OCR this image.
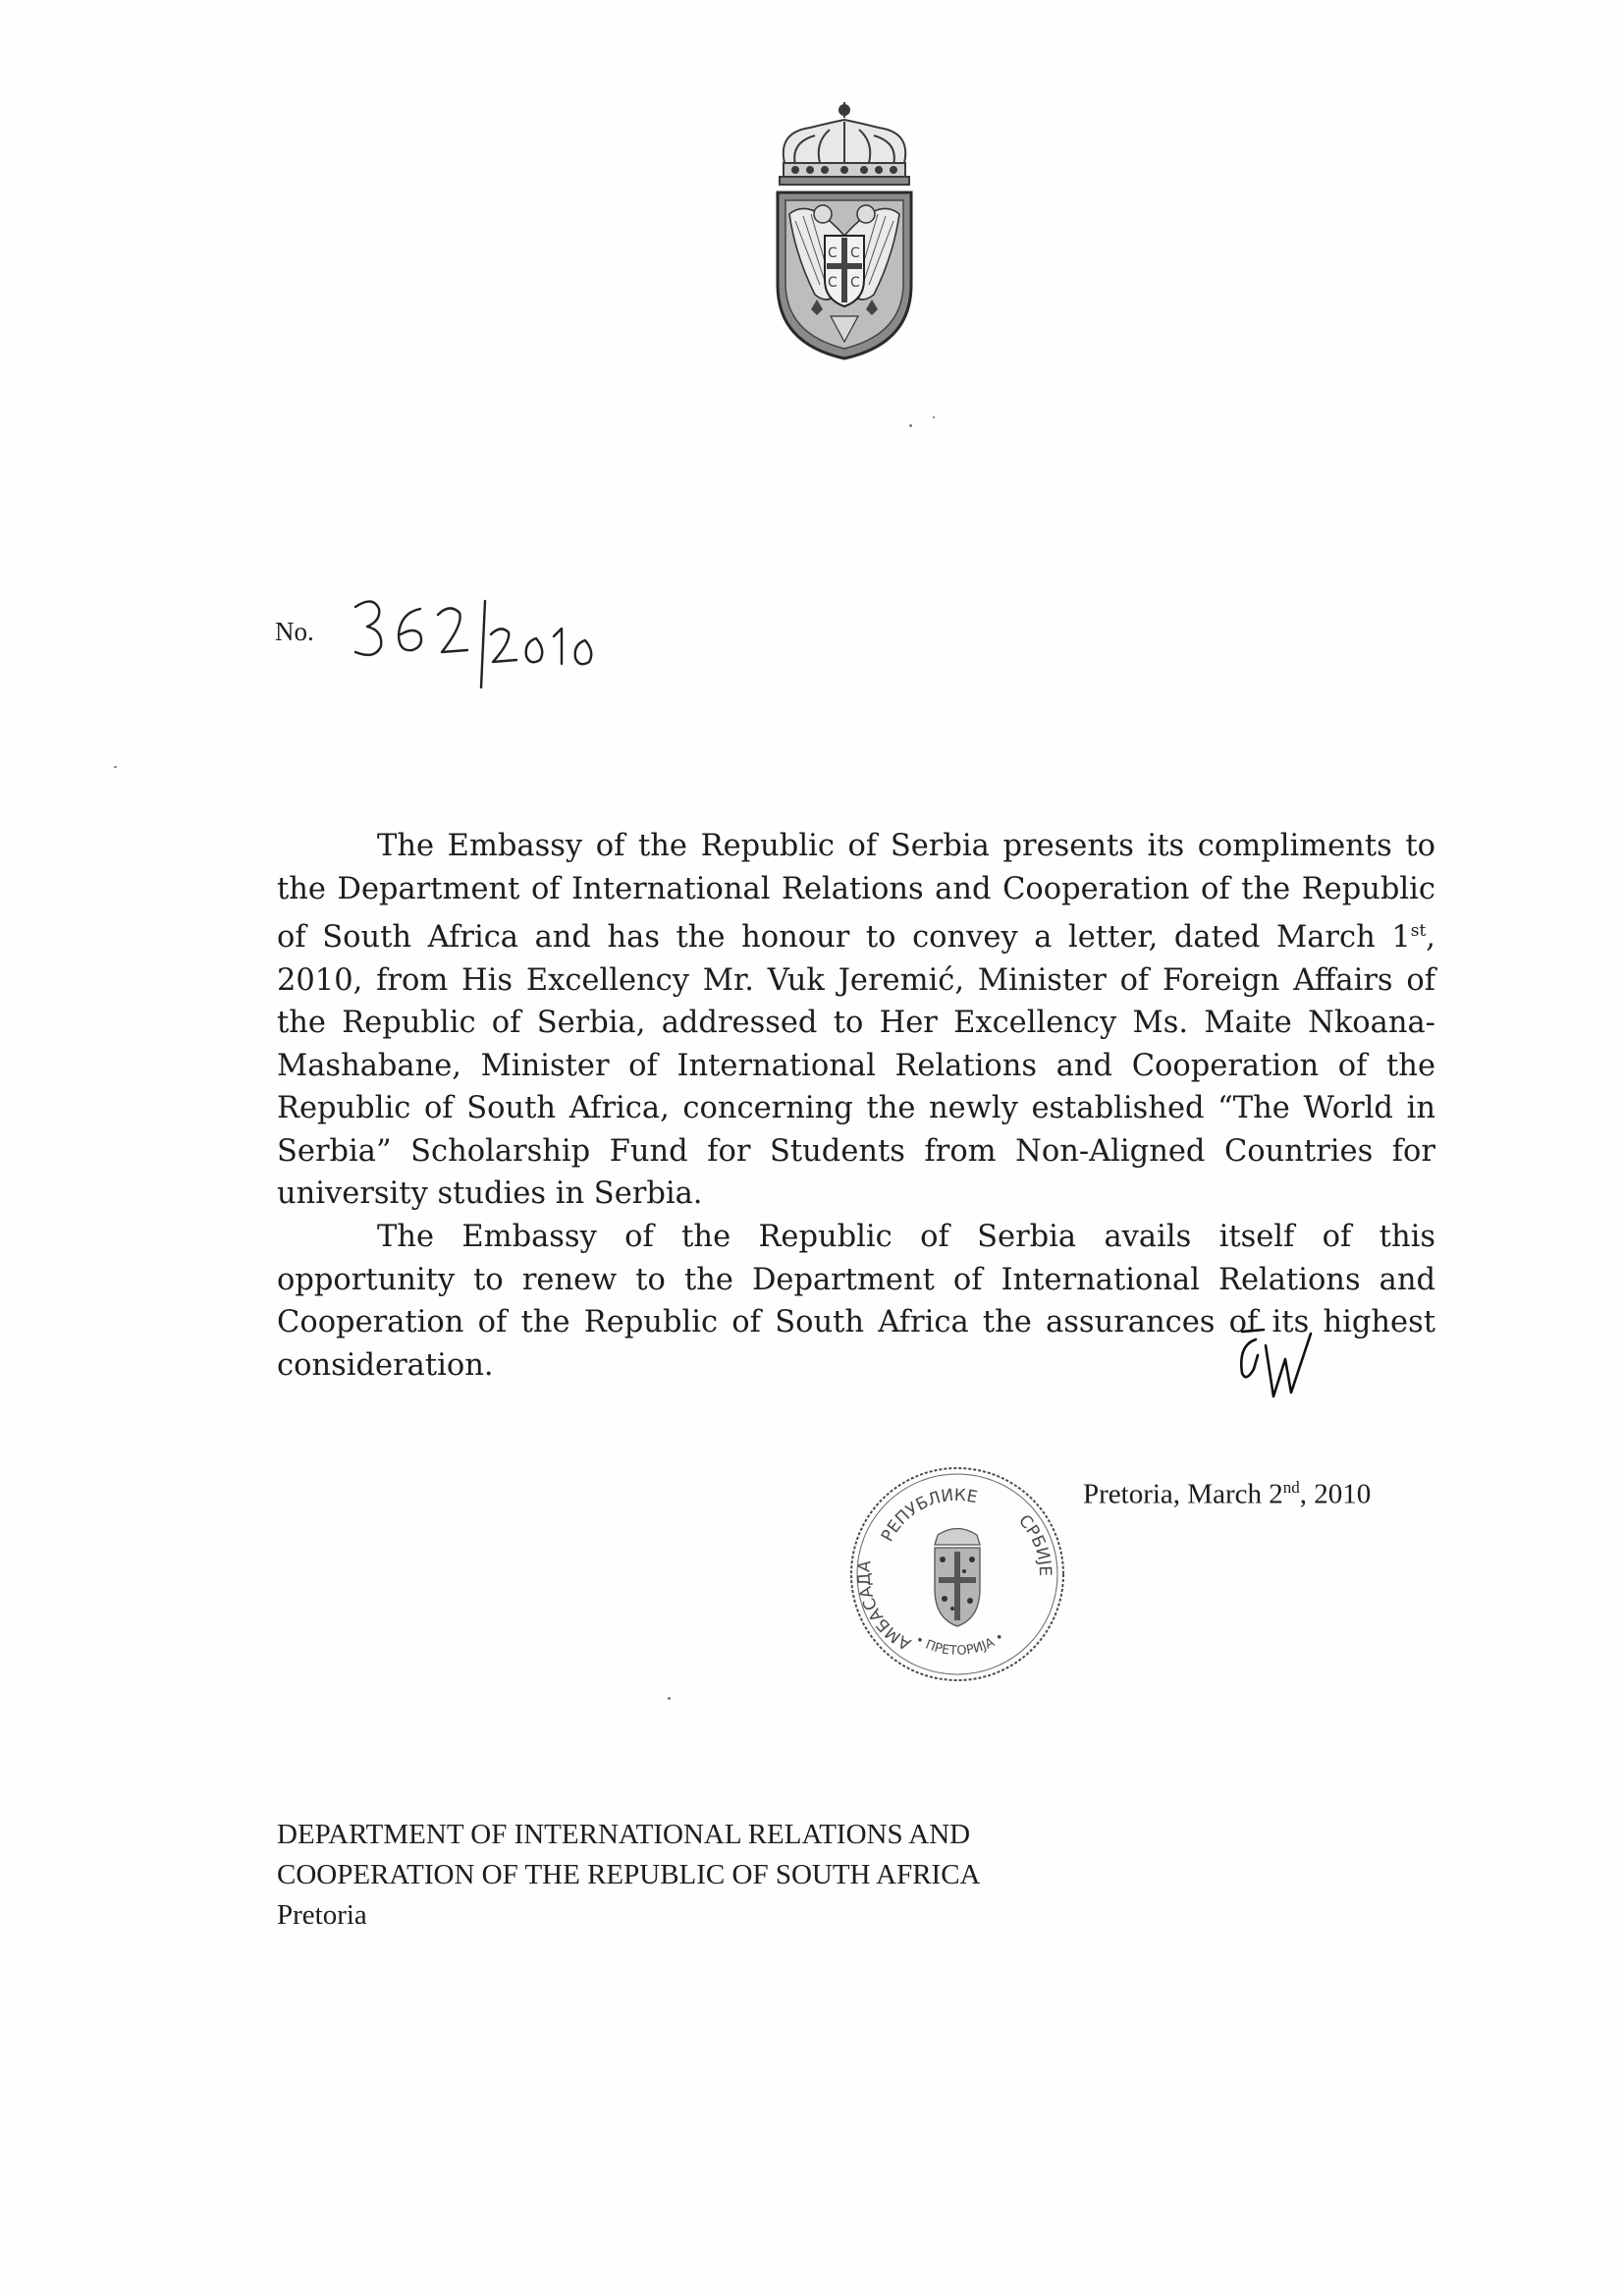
С С
С С
No.

The Embassy of the Republic of Serbia presents its compliments to the Department of International Relations and Cooperation of the Republic of South Africa and has the honour to convey a letter, dated March 1st, 2010, from His Excellency Mr. Vuk Jeremić, Minister of Foreign Affairs of the Republic of Serbia, addressed to Her Excellency Ms. Maite Nkoana-Mashabane, Minister of International Relations and Cooperation of the Republic of South Africa, concerning the newly established “The World in Serbia” Scholarship Fund for Students from Non-Aligned Countries for university studies in Serbia.

The Embassy of the Republic of Serbia avails itself of this opportunity to renew to the Department of International Relations and Cooperation of the Republic of South Africa the assurances of its highest consideration.

РЕПУБЛИКЕ
АМБАСАДА
СРБИЈЕ
• ПРЕТОРИЈА •
Pretoria, March 2nd, 2010
DEPARTMENT OF INTERNATIONAL RELATIONS AND
COOPERATION OF THE REPUBLIC OF SOUTH AFRICA
Pretoria
